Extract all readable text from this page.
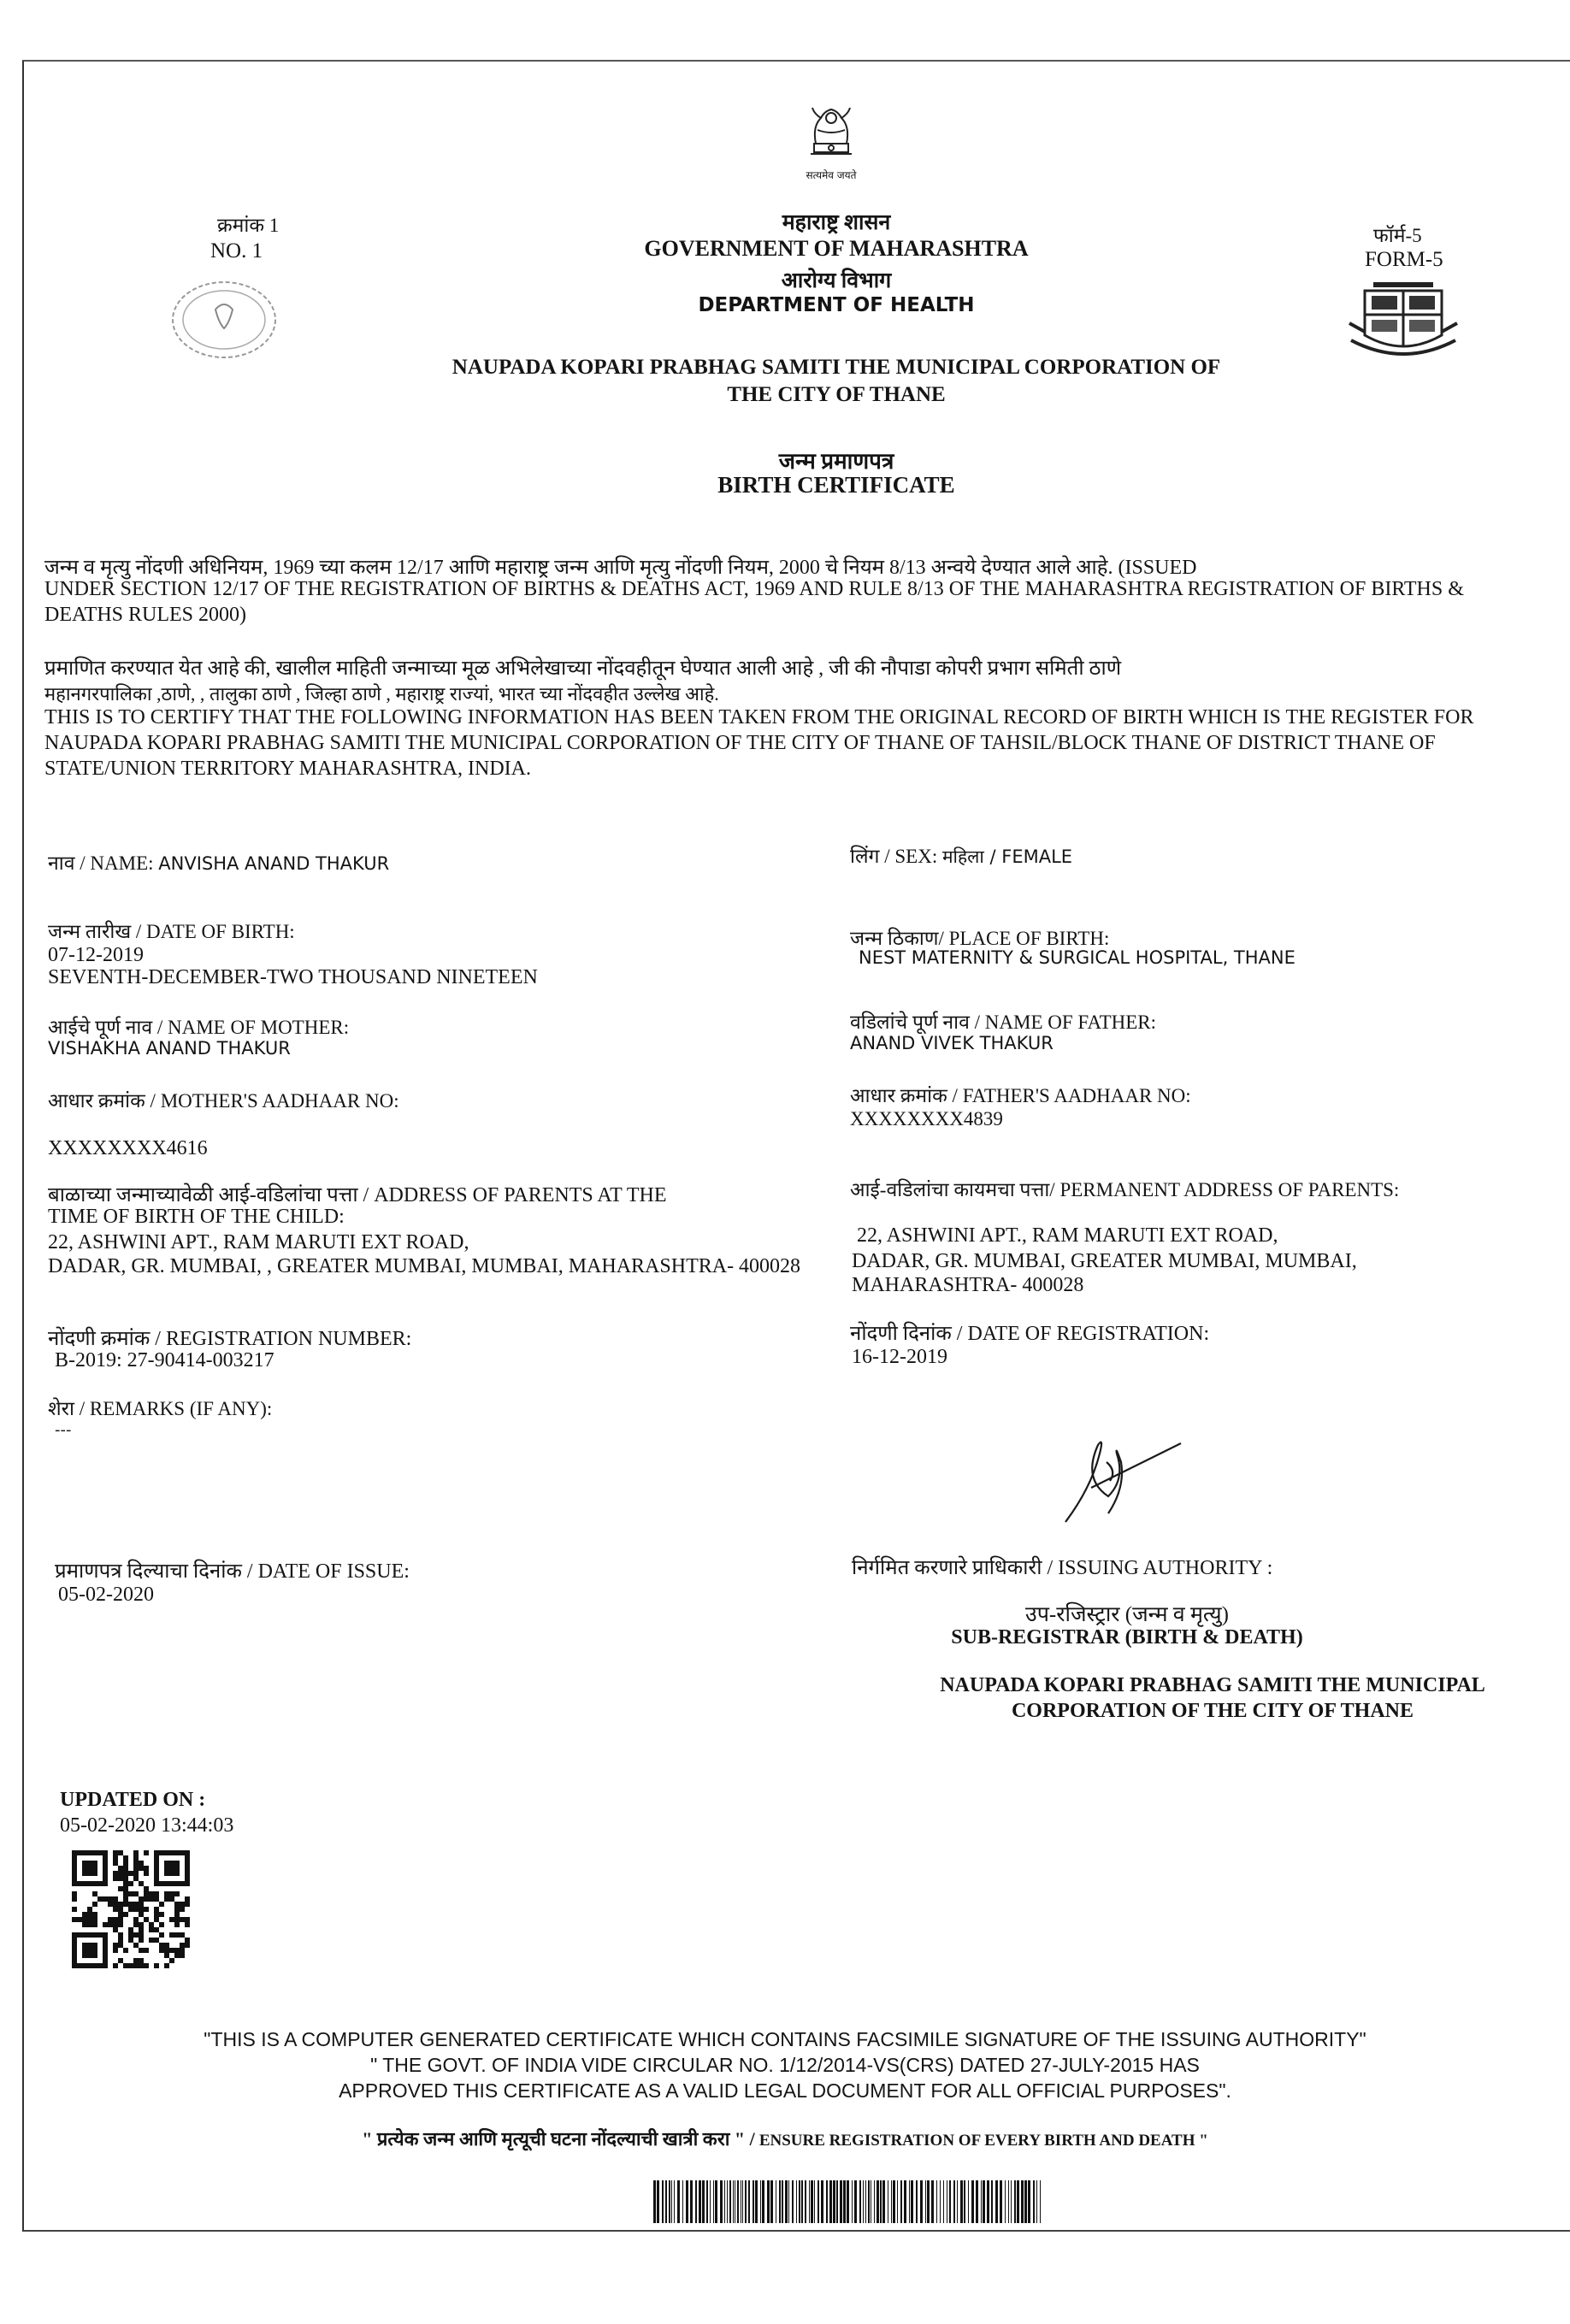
सत्यमेव जयते
क्रमांक 1
NO. 1
महाराष्ट्र शासन
GOVERNMENT OF MAHARASHTRA
आरोग्य विभाग
DEPARTMENT OF HEALTH
फॉर्म-5
FORM-5
NAUPADA KOPARI PRABHAG SAMITI THE MUNICIPAL CORPORATION OF
THE CITY OF THANE
जन्म प्रमाणपत्र
BIRTH CERTIFICATE
जन्म व मृत्यु नोंदणी अधिनियम, 1969 च्या कलम 12/17 आणि महाराष्ट्र जन्म आणि मृत्यु नोंदणी नियम, 2000 चे नियम 8/13 अन्वये देण्यात आले आहे. (ISSUED
UNDER SECTION 12/17 OF THE REGISTRATION OF BIRTHS & DEATHS ACT, 1969 AND RULE 8/13 OF THE MAHARASHTRA REGISTRATION OF BIRTHS &
DEATHS RULES 2000)
प्रमाणित करण्यात येत आहे की, खालील माहिती जन्माच्या मूळ अभिलेखाच्या नोंदवहीतून घेण्यात आली आहे , जी की नौपाडा कोपरी प्रभाग समिती ठाणे
महानगरपालिका ,ठाणे, , तालुका ठाणे , जिल्हा ठाणे , महाराष्ट्र राज्यां, भारत च्या नोंदवहीत उल्लेख आहे.
THIS IS TO CERTIFY THAT THE FOLLOWING INFORMATION HAS BEEN TAKEN FROM THE ORIGINAL RECORD OF BIRTH WHICH IS THE REGISTER FOR
NAUPADA KOPARI PRABHAG SAMITI THE MUNICIPAL CORPORATION OF THE CITY OF THANE OF TAHSIL/BLOCK THANE OF DISTRICT THANE OF
STATE/UNION TERRITORY MAHARASHTRA, INDIA.
नाव / NAME: ANVISHA ANAND THAKUR
जन्म तारीख / DATE OF BIRTH:
07-12-2019
SEVENTH-DECEMBER-TWO THOUSAND NINETEEN
आईचे पूर्ण नाव / NAME OF MOTHER:
VISHAKHA ANAND THAKUR
आधार क्रमांक / MOTHER'S AADHAAR NO:
XXXXXXXX4616
बाळाच्या जन्माच्यावेळी आई-वडिलांचा पत्ता / ADDRESS OF PARENTS AT THE
TIME OF BIRTH OF THE CHILD:
22, ASHWINI APT., RAM MARUTI EXT ROAD,
DADAR, GR. MUMBAI, , GREATER MUMBAI, MUMBAI, MAHARASHTRA- 400028
नोंदणी क्रमांक / REGISTRATION NUMBER:
B-2019: 27-90414-003217
शेरा / REMARKS (IF ANY):
---
प्रमाणपत्र दिल्याचा दिनांक / DATE OF ISSUE:
05-02-2020
लिंग / SEX: महिला / FEMALE
जन्म ठिकाण/ PLACE OF BIRTH:
NEST MATERNITY & SURGICAL HOSPITAL, THANE
वडिलांचे पूर्ण नाव / NAME OF FATHER:
ANAND VIVEK THAKUR
आधार क्रमांक / FATHER'S AADHAAR NO:
XXXXXXXX4839
आई-वडिलांचा कायमचा पत्ता/ PERMANENT ADDRESS OF PARENTS:
22, ASHWINI APT., RAM MARUTI EXT ROAD,
DADAR, GR. MUMBAI, GREATER MUMBAI, MUMBAI,
MAHARASHTRA- 400028
नोंदणी दिनांक / DATE OF REGISTRATION:
16-12-2019
निर्गमित करणारे प्राधिकारी / ISSUING AUTHORITY :
उप-रजिस्ट्रार (जन्म व मृत्यु)
SUB-REGISTRAR (BIRTH & DEATH)
NAUPADA KOPARI PRABHAG SAMITI THE MUNICIPAL
CORPORATION OF THE CITY OF THANE
UPDATED ON :
05-02-2020 13:44:03
"THIS IS A COMPUTER GENERATED CERTIFICATE WHICH CONTAINS FACSIMILE SIGNATURE OF THE ISSUING AUTHORITY"
" THE GOVT. OF INDIA VIDE CIRCULAR NO. 1/12/2014-VS(CRS) DATED 27-JULY-2015 HAS
APPROVED THIS CERTIFICATE AS A VALID LEGAL DOCUMENT FOR ALL OFFICIAL PURPOSES".
" प्रत्येक जन्म आणि मृत्यूची घटना नोंदल्याची खात्री करा " / ENSURE REGISTRATION OF EVERY BIRTH AND DEATH "
